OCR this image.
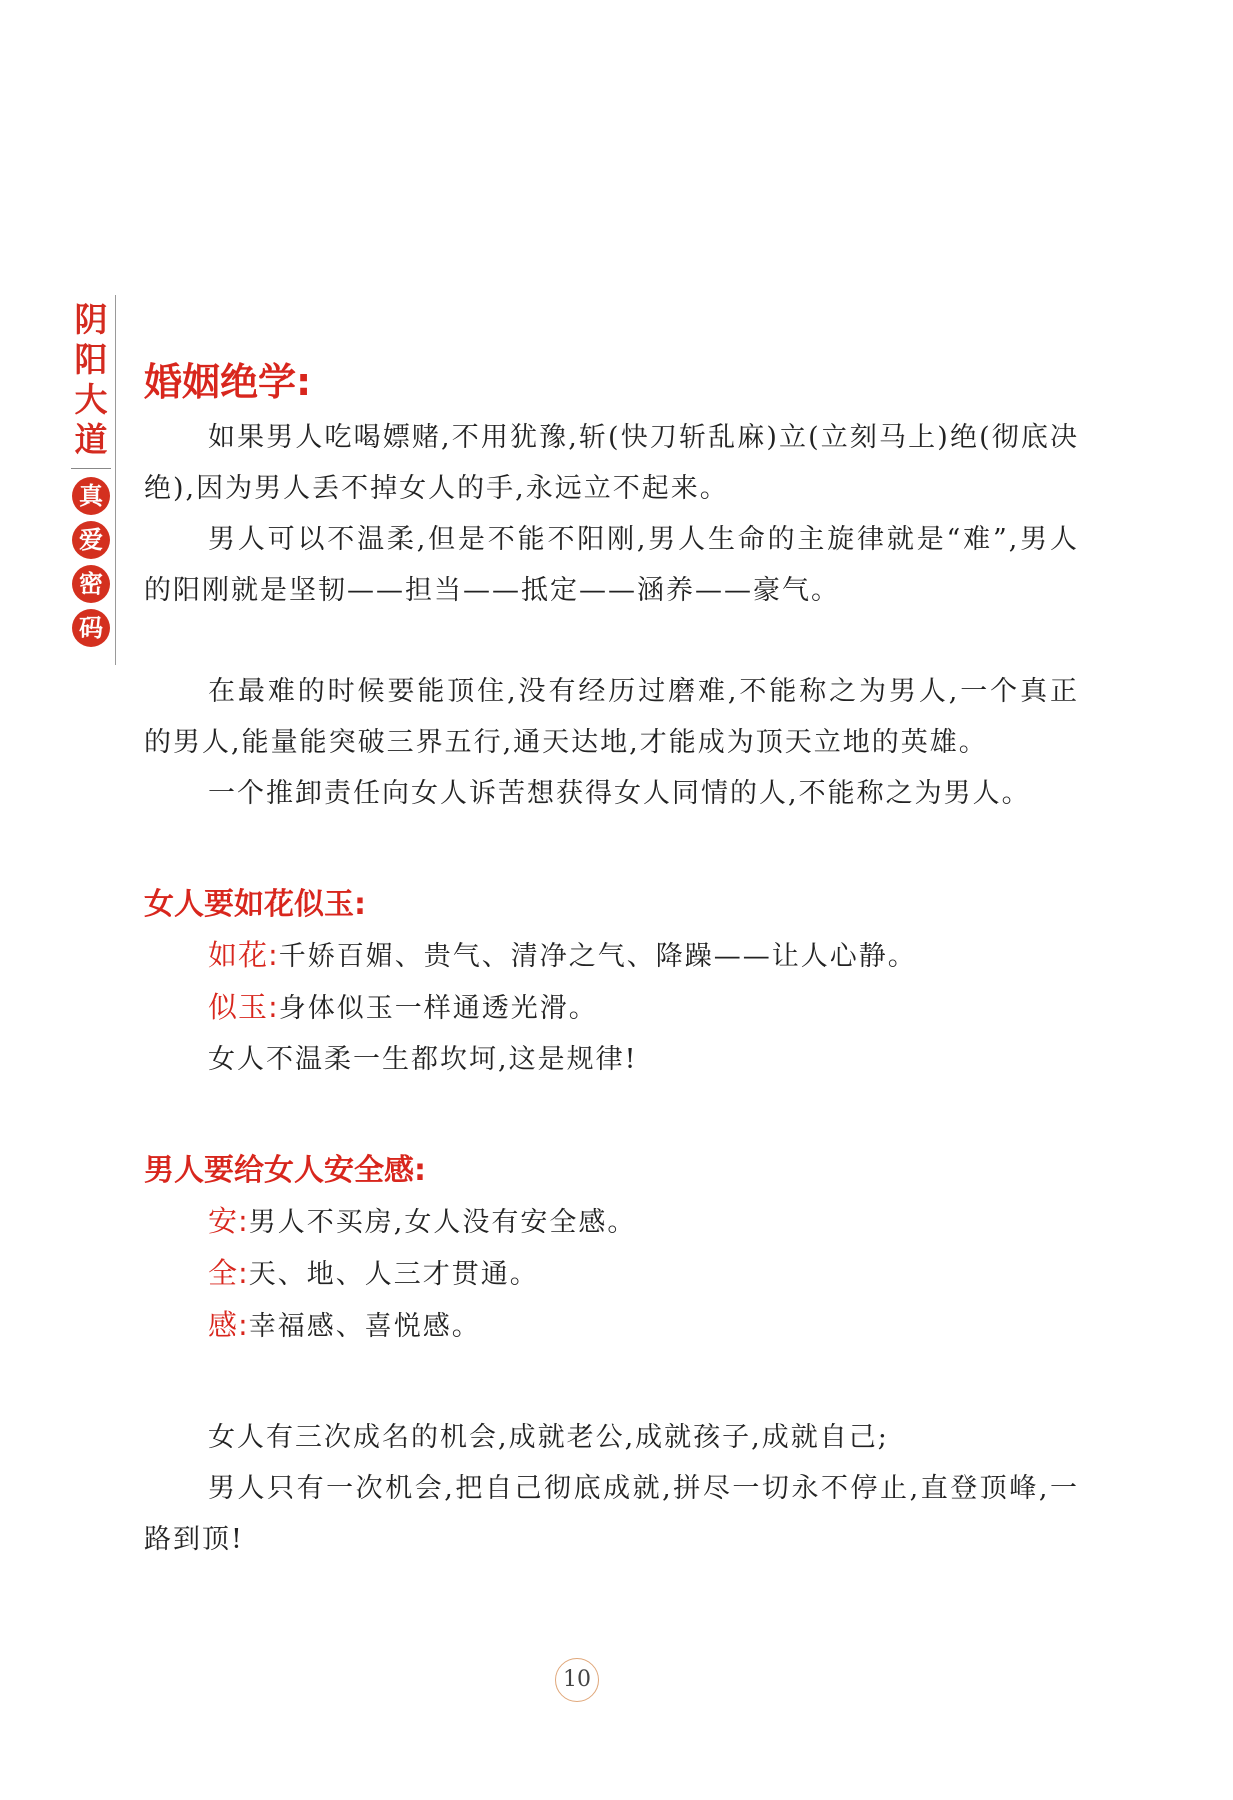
阴
阳
大
道
真
爱
密
码
婚姻绝学:

如果男人吃喝嫖赌,不用犹豫,斩(快刀斩乱麻)立(立刻马上)绝(彻底决绝),因为男人丢不掉女人的手,永远立不起来。

男人可以不温柔,但是不能不阳刚,男人生命的主旋律就是“难”,男人的阳刚就是坚韧——担当——抵定——涵养——豪气。

在最难的时候要能顶住,没有经历过磨难,不能称之为男人,一个真正的男人,能量能突破三界五行,通天达地,才能成为顶天立地的英雄。

一个推卸责任向女人诉苦想获得女人同情的人,不能称之为男人。

女人要如花似玉:
如花:千娇百媚、贵气、清净之气、降躁——让人心静。
似玉:身体似玉一样通透光滑。
女人不温柔一生都坎坷,这是规律!
男人要给女人安全感:
安:男人不买房,女人没有安全感。
全:天、地、人三才贯通。
感:幸福感、喜悦感。

女人有三次成名的机会,成就老公,成就孩子,成就自己;

男人只有一次机会,把自己彻底成就,拼尽一切永不停止,直登顶峰,一路到顶!

10
